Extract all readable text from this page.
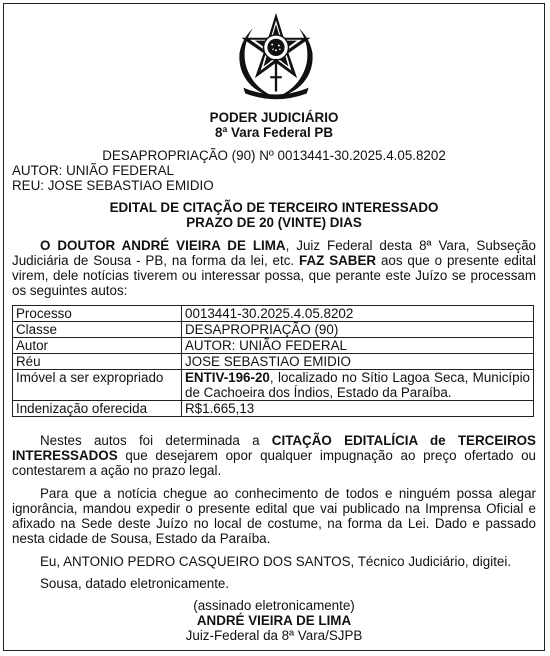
PODER JUDICIÁRIO
8ª Vara Federal PB
DESAPROPRIAÇÃO (90) Nº 0013441-30.2025.4.05.8202
AUTOR: UNIÃO FEDERAL
REU: JOSE SEBASTIAO EMIDIO
EDITAL DE CITAÇÃO DE TERCEIRO INTERESSADO
PRAZO DE 20 (VINTE) DIAS

O DOUTOR ANDRÉ VIEIRA DE LIMA, Juiz Federal desta 8ª Vara, Subseção Judiciária de Sousa - PB, na forma da lei, etc. FAZ SABER aos que o presente edital virem, dele notícias tiverem ou interessar possa, que perante este Juízo se processam os seguintes autos:

Processo	0013441-30.2025.4.05.8202
Classe	DESAPROPRIAÇÃO (90)
Autor	AUTOR: UNIÃO FEDERAL
Réu	JOSE SEBASTIAO EMIDIO
Imóvel a ser expropriado	ENTIV-196-20, localizado no Sítio Lagoa Seca, Município de Cachoeira dos Índios, Estado da Paraíba.
Indenização oferecida	R$1.665,13

Nestes autos foi determinada a CITAÇÃO EDITALÍCIA de TERCEIROS INTERESSADOS que desejarem opor qualquer impugnação ao preço ofertado ou contestarem a ação no prazo legal.

Para que a notícia chegue ao conhecimento de todos e ninguém possa alegar ignorância, mandou expedir o presente edital que vai publicado na Imprensa Oficial e afixado na Sede deste Juízo no local de costume, na forma da Lei. Dado e passado nesta cidade de Sousa, Estado da Paraíba.

Eu, ANTONIO PEDRO CASQUEIRO DOS SANTOS, Técnico Judiciário, digitei.

Sousa, datado eletronicamente.

(assinado eletronicamente)
ANDRÉ VIEIRA DE LIMA
Juiz-Federal da 8ª Vara/SJPB
